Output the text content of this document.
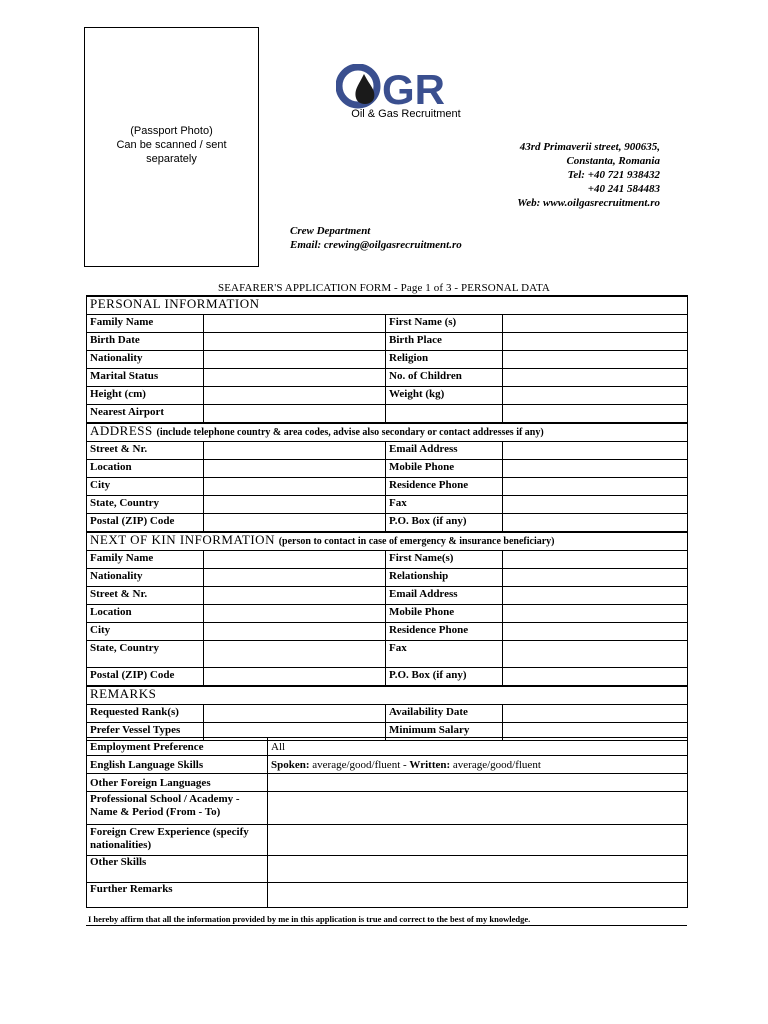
(Passport Photo)
Can be scanned / sent
separately
GR
Oil & Gas Recruitment
43rd Primaverii street, 900635,
Constanta, Romania
Tel: +40 721 938432
+40 241 584483
Web: www.oilgasrecruitment.ro
Crew Department
Email: crewing@oilgasrecruitment.ro
SEAFARER'S APPLICATION FORM - Page 1 of 3 - PERSONAL DATA
PERSONAL INFORMATION			
Family Name		First Name (s)	
Birth Date		Birth Place	
Nationality		Religion	
Marital Status		No. of Children	
Height (cm)		Weight (kg)	
Nearest Airport			
ADDRESS (include telephone country & area codes, advise also secondary or contact addresses if any)			
Street & Nr.		Email Address	
Location		Mobile Phone	
City		Residence Phone	
State, Country		Fax	
Postal (ZIP) Code		P.O. Box (if any)	
NEXT OF KIN INFORMATION (person to contact in case of emergency & insurance beneficiary)			
Family Name		First Name(s)	
Nationality		Relationship	
Street & Nr.		Email Address	
Location		Mobile Phone	
City		Residence Phone	
State, Country		Fax	
Postal (ZIP) Code		P.O. Box (if any)	
REMARKS			
Requested Rank(s)		Availability Date	
Prefer Vessel Types		Minimum Salary	
Employment Preference	All
English Language Skills	Spoken: average/good/fluent - Written: average/good/fluent
Other Foreign Languages	
Professional School / Academy - Name & Period (From - To)	
Foreign Crew Experience (specify nationalities)	
Other Skills	
Further Remarks	
I hereby affirm that all the information provided by me in this application is true and correct to the best of my knowledge.
